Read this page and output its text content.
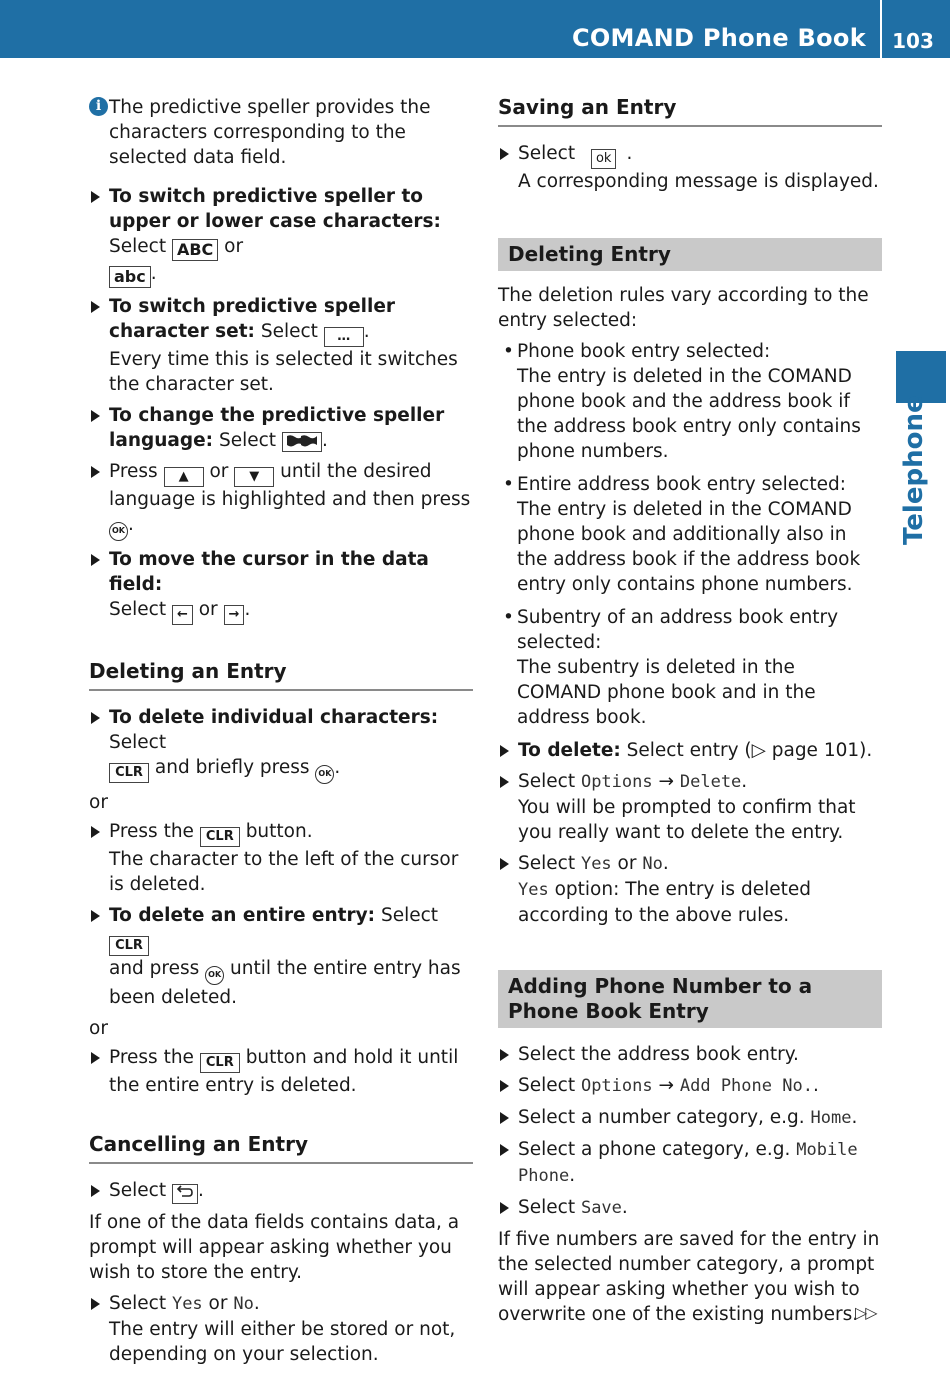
COMAND Phone Book	103
Telephone
i The predictive speller provides the characters corresponding to the selected data field.
To switch predictive speller to upper or lower case characters: Select ABC or
abc .
To switch predictive speller character set: Select … .
Every time this is selected it switches the character set.
To change the predictive speller language: Select .
Press ▲ or ▼ until the desired language is highlighted and then press OK .
To move the cursor in the data field:
Select ← or → .
Deleting an Entry
To delete individual characters: Select
CLR and briefly press OK .

or

Press the CLR button.
The character to the left of the cursor is deleted.
To delete an entire entry: Select CLR
and press OK until the entire entry has been deleted.

or

Press the CLR button and hold it until the entire entry is deleted.
Cancelling an Entry
Select .

If one of the data fields contains data, a prompt will appear asking whether you wish to store the entry.

Select Yes or No.
The entry will either be stored or not, depending on your selection.
Saving an Entry
Select ok .
A corresponding message is displayed.
Deleting Entry

The deletion rules vary according to the entry selected:

• Phone book entry selected:
The entry is deleted in the COMAND phone book and the address book if the address book entry only contains phone numbers.
• Entire address book entry selected:
The entry is deleted in the COMAND phone book and additionally also in the address book if the address book entry only contains phone numbers.
• Subentry of an address book entry selected:
The subentry is deleted in the COMAND phone book and in the address book.
To delete: Select entry (▷ page 101).
Select Options → Delete.
You will be prompted to confirm that you really want to delete the entry.
Select Yes or No.
Yes option: The entry is deleted according to the above rules.
Adding Phone Number to a Phone Book Entry
Select the address book entry.
Select Options → Add Phone No..
Select a number category, e.g. Home.
Select a phone category, e.g. Mobile Phone.
Select Save.

If five numbers are saved for the entry in the selected number category, a prompt will appear asking whether you wish to overwrite one of the existing numbers.

▷▷
